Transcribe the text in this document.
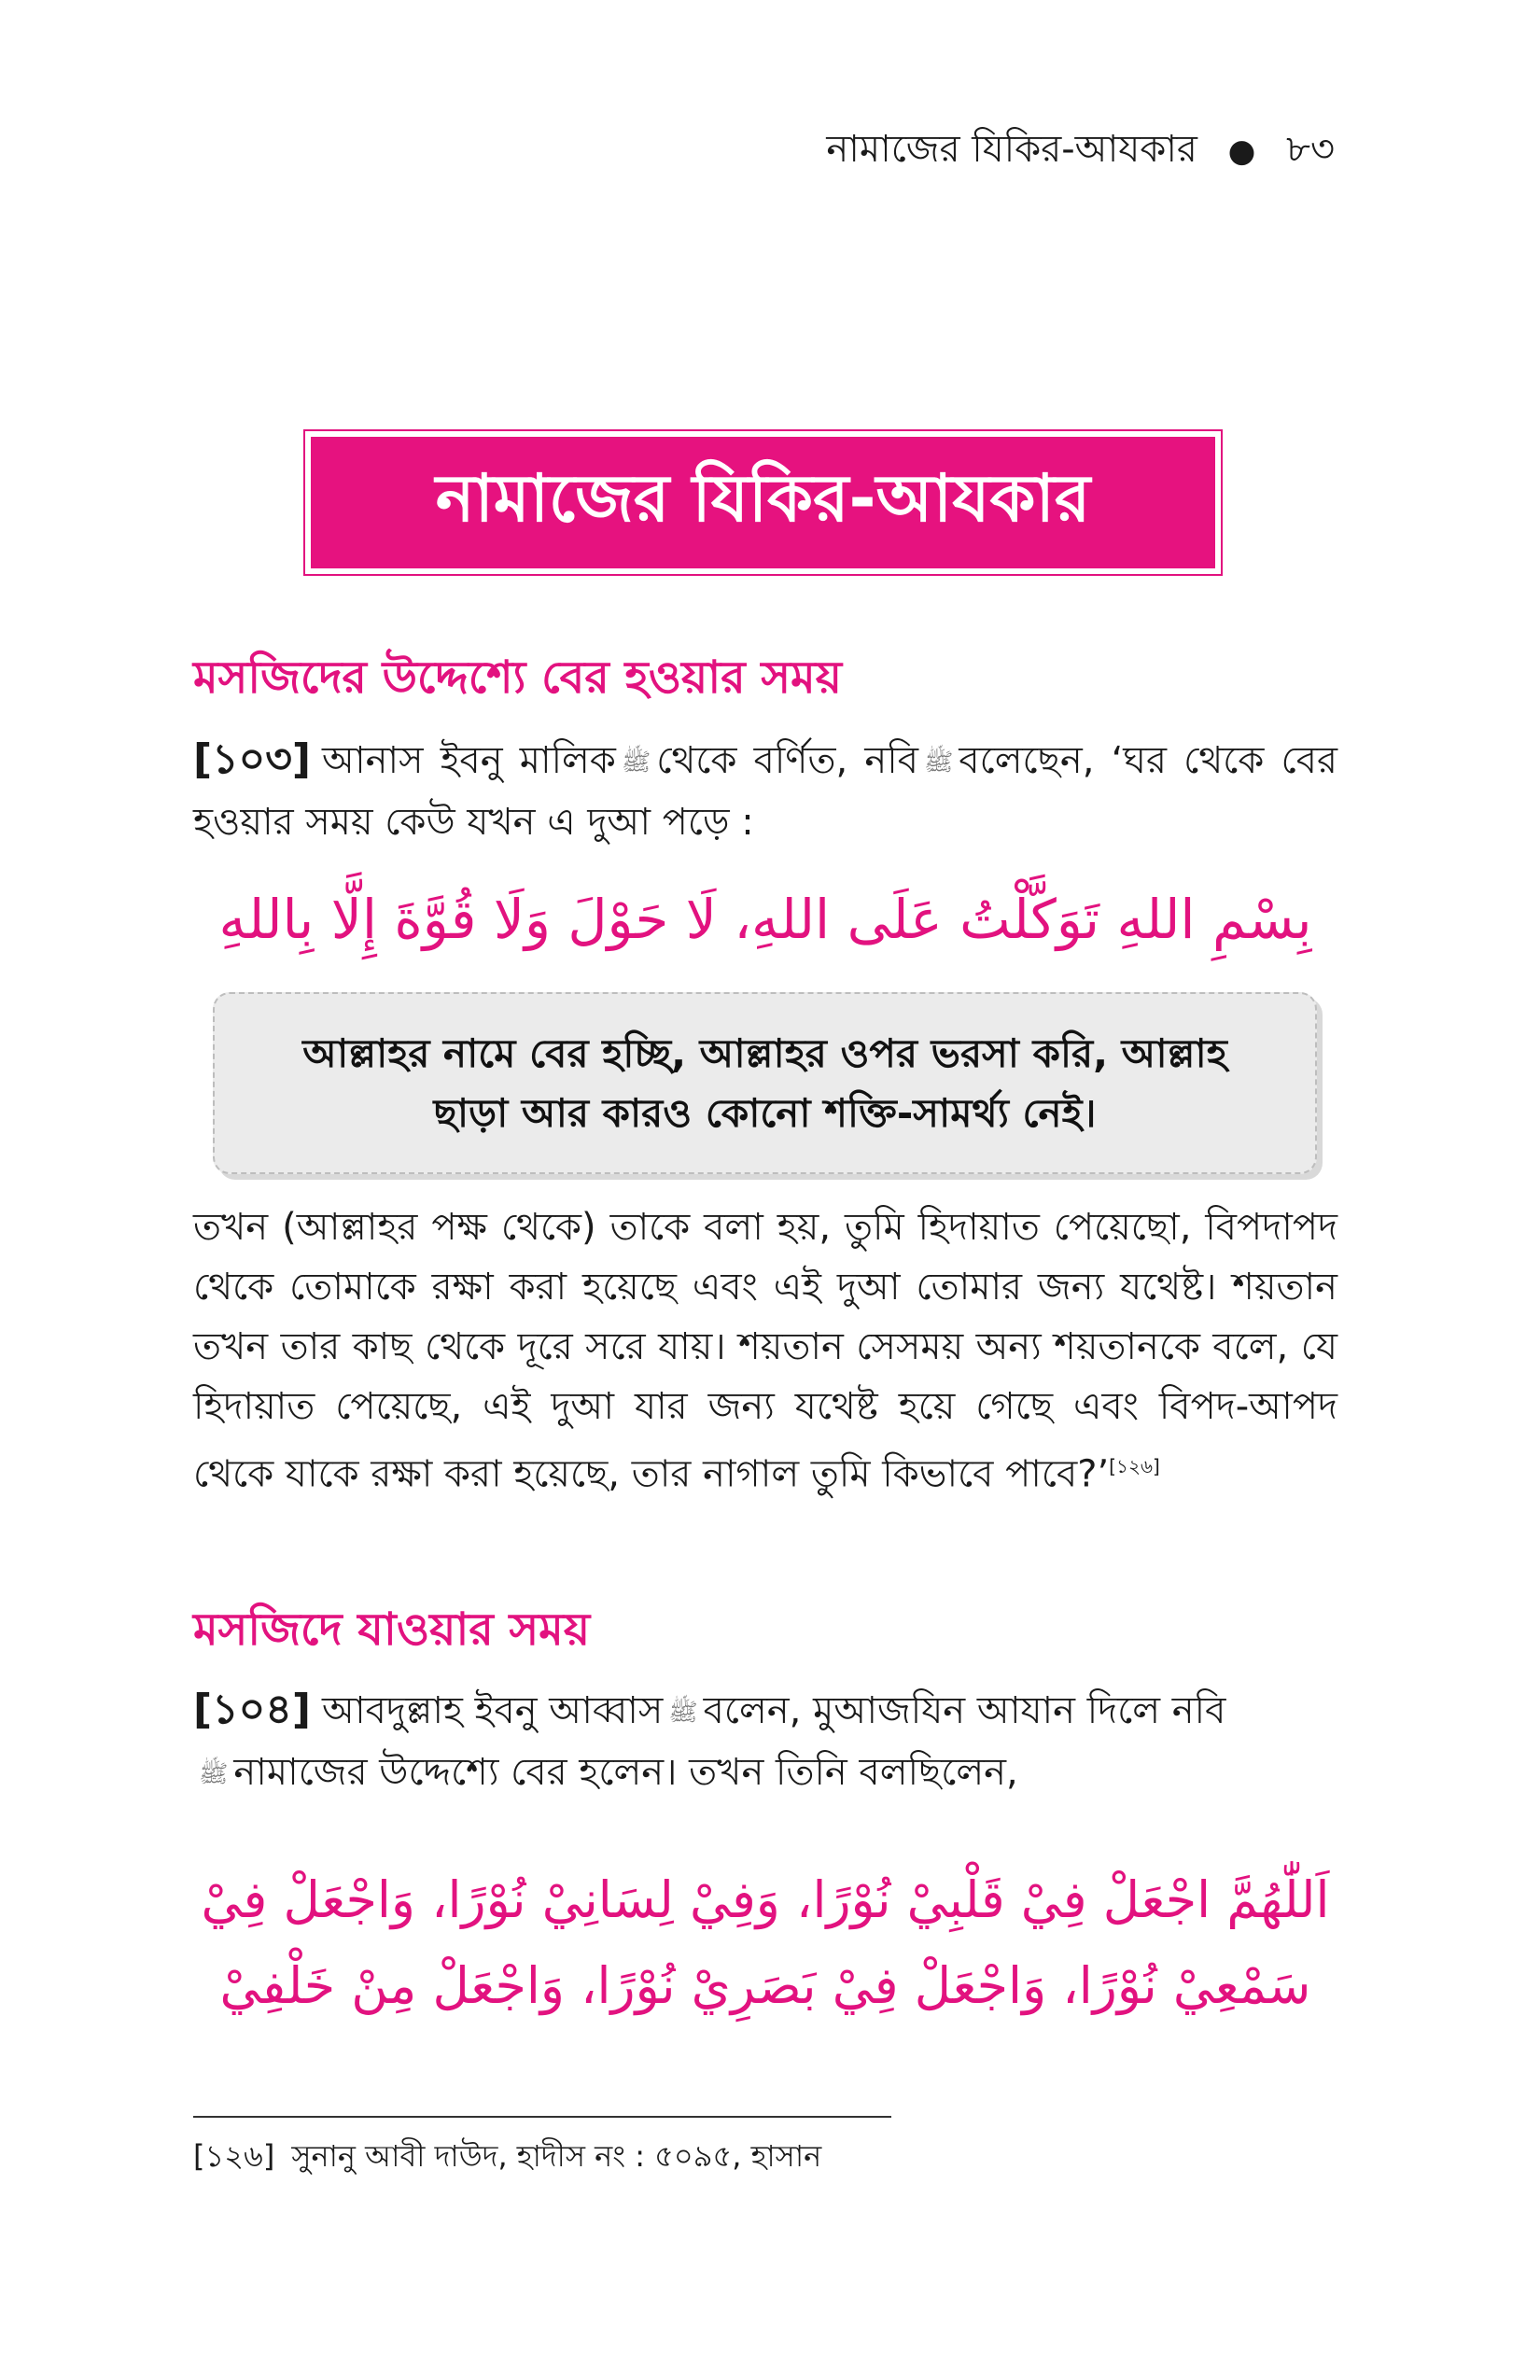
নামাজের যিকির-আযকার ● ৮৩
নামাজের যিকির-আযকার
মসজিদের উদ্দেশ্যে বের হওয়ার সময়
[১০৩] আনাস ইবনু মালিক ﷺ থেকে বর্ণিত, নবি ﷺ বলেছেন, ‘ঘর থেকে বের হওয়ার সময় কেউ যখন এ দুআ পড়ে :
بِسْمِ اللهِ تَوَكَّلْتُ عَلَى اللهِ، لَا حَوْلَ وَلَا قُوَّةَ إِلَّا بِاللهِ
আল্লাহর নামে বের হচ্ছি, আল্লাহর ওপর ভরসা করি, আল্লাহ ছাড়া আর কারও কোনো শক্তি-সামর্থ্য নেই।
তখন (আল্লাহর পক্ষ থেকে) তাকে বলা হয়, তুমি হিদায়াত পেয়েছো, বিপদাপদ থেকে তোমাকে রক্ষা করা হয়েছে এবং এই দুআ তোমার জন্য যথেষ্ট। শয়তান তখন তার কাছ থেকে দূরে সরে যায়। শয়তান সেসময় অন্য শয়তানকে বলে, যে হিদায়াত পেয়েছে, এই দুআ যার জন্য যথেষ্ট হয়ে গেছে এবং বিপদ-আপদ থেকে যাকে রক্ষা করা হয়েছে, তার নাগাল তুমি কিভাবে পাবে?’[১২৬]
মসজিদে যাওয়ার সময়
[১০৪] আবদুল্লাহ ইবনু আব্বাস ﷺ বলেন, মুআজযিন আযান দিলে নবি
ﷺ নামাজের উদ্দেশ্যে বের হলেন। তখন তিনি বলছিলেন,
اَللّٰهُمَّ اجْعَلْ فِيْ قَلْبِيْ نُوْرًا، وَفِيْ لِسَانِيْ نُوْرًا، وَاجْعَلْ فِيْ
سَمْعِيْ نُوْرًا، وَاجْعَلْ فِيْ بَصَرِيْ نُوْرًا، وَاجْعَلْ مِنْ خَلْفِيْ
[১২৬] সুনানু আবী দাউদ, হাদীস নং : ৫০৯৫, হাসান
